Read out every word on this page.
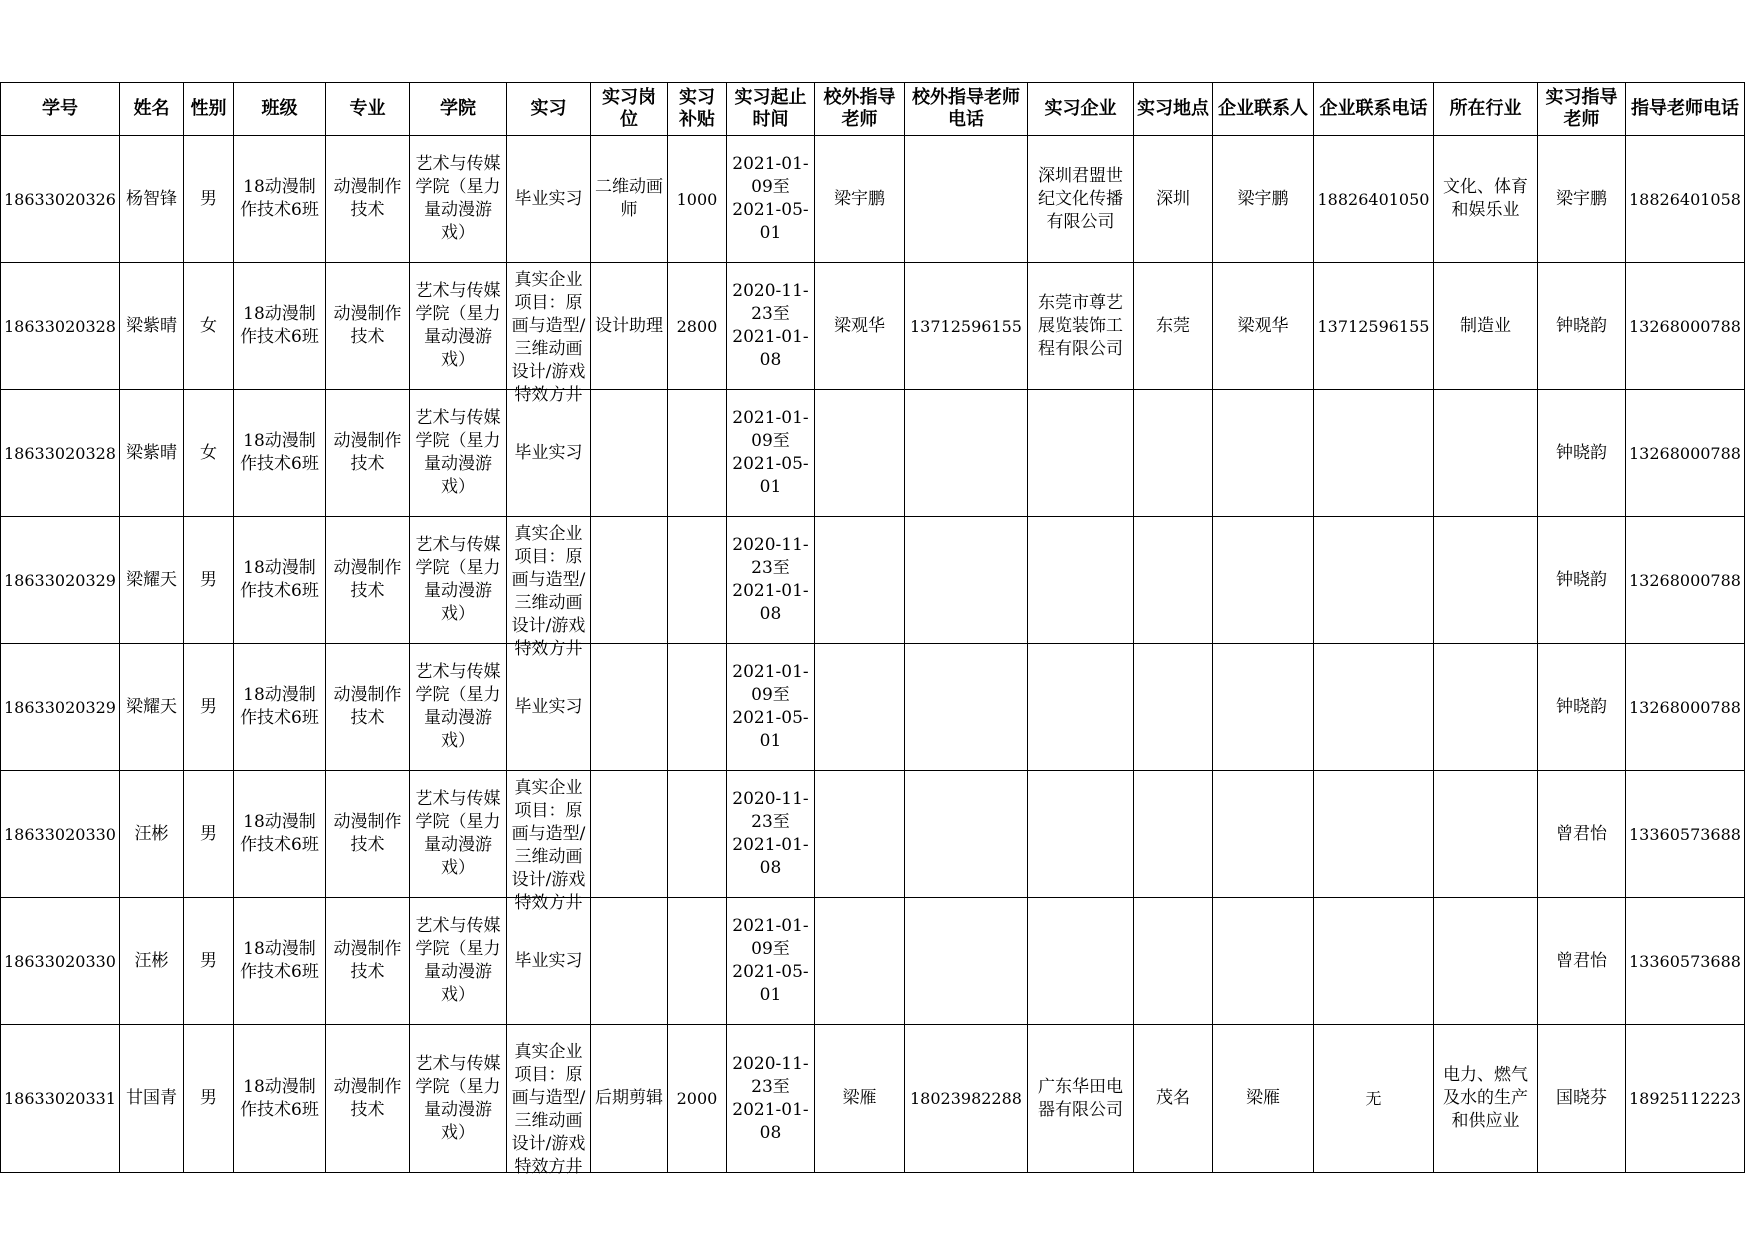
学号	姓名	性别	班级	专业	学院	实习	实习岗位	实习补贴	实习起止时间	校外指导老师	校外指导老师电话	实习企业	实习地点	企业联系人	企业联系电话	所在行业	实习指导老师	指导老师电话
18633020326	杨智锋	男	18动漫制作技术6班	动漫制作技术	艺术与传媒学院（星力量动漫游戏）	毕业实习	二维动画师	1000	2021-01-09至2021-05-01	梁宇鹏		深圳君盟世纪文化传播有限公司	深圳	梁宇鹏	18826401050	文化、体育和娱乐业	梁宇鹏	18826401058
18633020328	梁紫晴	女	18动漫制作技术6班	动漫制作技术	艺术与传媒学院（星力量动漫游戏）	真实企业项目：原画与造型/三维动画设计/游戏特效方井	设计助理	2800	2020-11-23至2021-01-08	梁观华	13712596155	东莞市尊艺展览装饰工程有限公司	东莞	梁观华	13712596155	制造业	钟晓韵	13268000788
18633020328	梁紫晴	女	18动漫制作技术6班	动漫制作技术	艺术与传媒学院（星力量动漫游戏）	毕业实习			2021-01-09至2021-05-01								钟晓韵	13268000788
18633020329	梁耀天	男	18动漫制作技术6班	动漫制作技术	艺术与传媒学院（星力量动漫游戏）	真实企业项目：原画与造型/三维动画设计/游戏特效方井			2020-11-23至2021-01-08								钟晓韵	13268000788
18633020329	梁耀天	男	18动漫制作技术6班	动漫制作技术	艺术与传媒学院（星力量动漫游戏）	毕业实习			2021-01-09至2021-05-01								钟晓韵	13268000788
18633020330	汪彬	男	18动漫制作技术6班	动漫制作技术	艺术与传媒学院（星力量动漫游戏）	真实企业项目：原画与造型/三维动画设计/游戏特效方井			2020-11-23至2021-01-08								曾君怡	13360573688
18633020330	汪彬	男	18动漫制作技术6班	动漫制作技术	艺术与传媒学院（星力量动漫游戏）	毕业实习			2021-01-09至2021-05-01								曾君怡	13360573688
18633020331	甘国青	男	18动漫制作技术6班	动漫制作技术	艺术与传媒学院（星力量动漫游戏）	真实企业项目：原画与造型/三维动画设计/游戏特效方井	后期剪辑	2000	2020-11-23至2021-01-08	梁雁	18023982288	广东华田电器有限公司	茂名	梁雁	无	电力、燃气及水的生产和供应业	国晓芬	18925112223
